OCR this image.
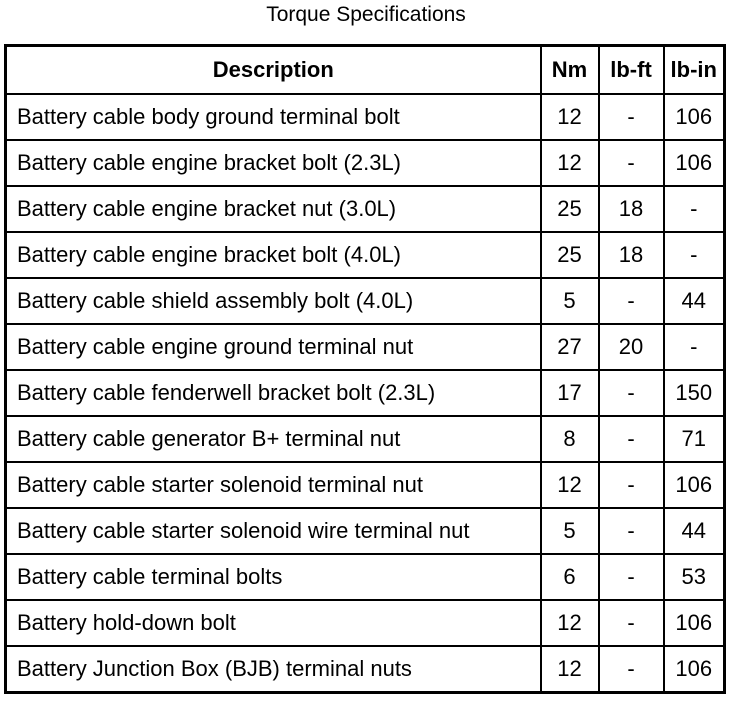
Torque Specifications
Description	Nm	lb-ft	lb-in
Battery cable body ground terminal bolt	12	-	106
Battery cable engine bracket bolt (2.3L)	12	-	106
Battery cable engine bracket nut (3.0L)	25	18	-
Battery cable engine bracket bolt (4.0L)	25	18	-
Battery cable shield assembly bolt (4.0L)	5	-	44
Battery cable engine ground terminal nut	27	20	-
Battery cable fenderwell bracket bolt (2.3L)	17	-	150
Battery cable generator B+ terminal nut	8	-	71
Battery cable starter solenoid terminal nut	12	-	106
Battery cable starter solenoid wire terminal nut	5	-	44
Battery cable terminal bolts	6	-	53
Battery hold-down bolt	12	-	106
Battery Junction Box (BJB) terminal nuts	12	-	106
